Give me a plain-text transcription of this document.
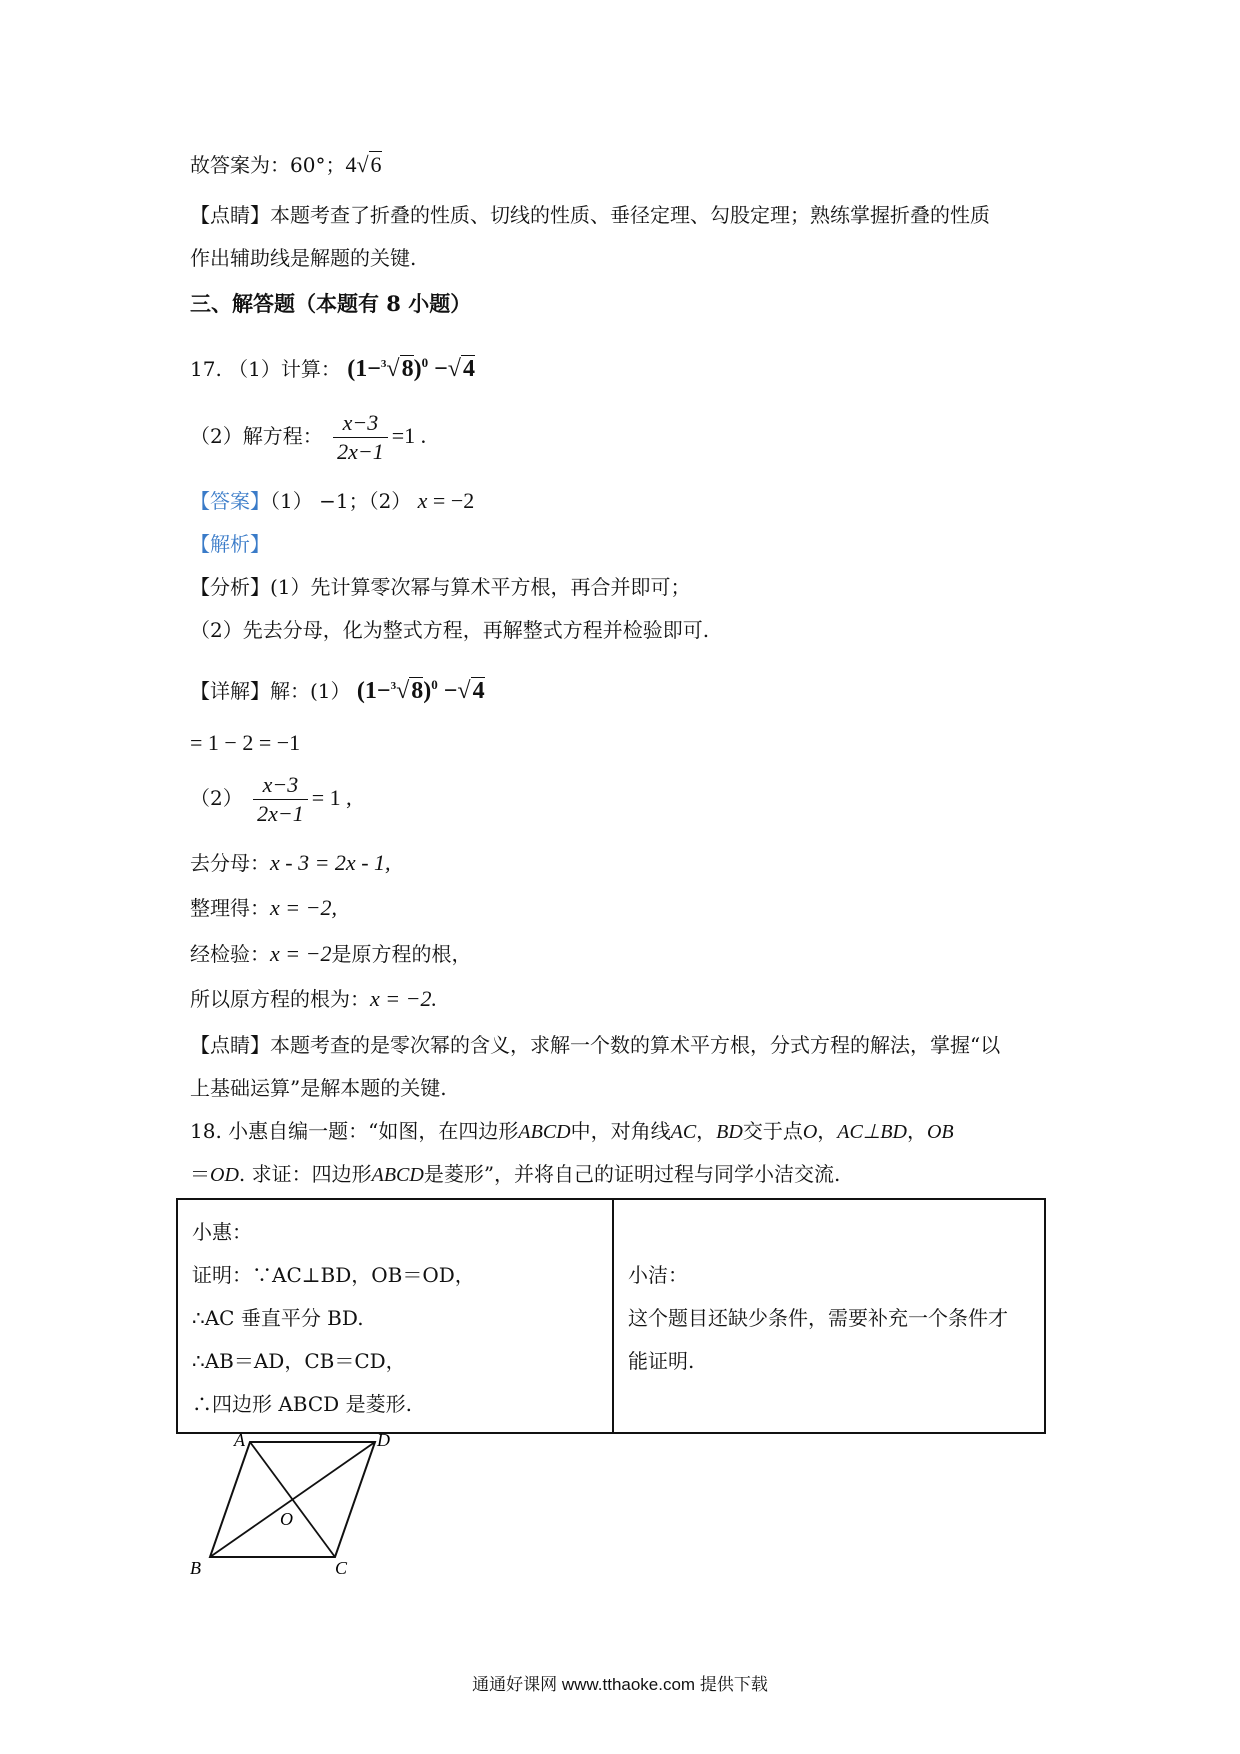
故答案为：60°；4√6
【点睛】本题考查了折叠的性质、切线的性质、垂径定理、勾股定理；熟练掌握折叠的性质
作出辅助线是解题的关键.
三、解答题（本题有 8 小题）
17. （1）计算： $(1-^3√8)^0 -√4$
（2）解方程： $\frac{x-3}{2x-1} =1$ .
【答案】（1） −1；（2） x = −2
【解析】
【分析】(1）先计算零次幂与算术平方根，再合并即可；
（2）先去分母，化为整式方程，再解整式方程并检验即可.
【详解】解：(1） $(1-^3√8)^0 -√4$
= 1 − 2 = −1
$(2) \frac{x-3}{2x-1} = 1$ ,
去分母：x - 3 = 2x - 1,
整理得：x = −2,
经检验：x = −2是原方程的根，
所以原方程的根为：x = −2.
【点睛】本题考查的是零次幂的含义，求解一个数的算术平方根，分式方程的解法，掌握“以
上基础运算”是解本题的关键.
18. 小惠自编一题：“如图，在四边形ABCD中，对角线AC，BD交于点O，AC⊥BD，OB
＝OD. 求证：四边形ABCD是菱形”，并将自己的证明过程与同学小洁交流.
小惠：
证明：∵AC⊥BD，OB＝OD，
∴AC 垂直平分 BD.
∴AB＝AD，CB＝CD，
∴四边形 ABCD 是菱形.

小洁：
这个题目还缺少条件，需要补充一个条件才
能证明.
A	D
O
B	C
通通好课网 www.tthaoke.com 提供下载
